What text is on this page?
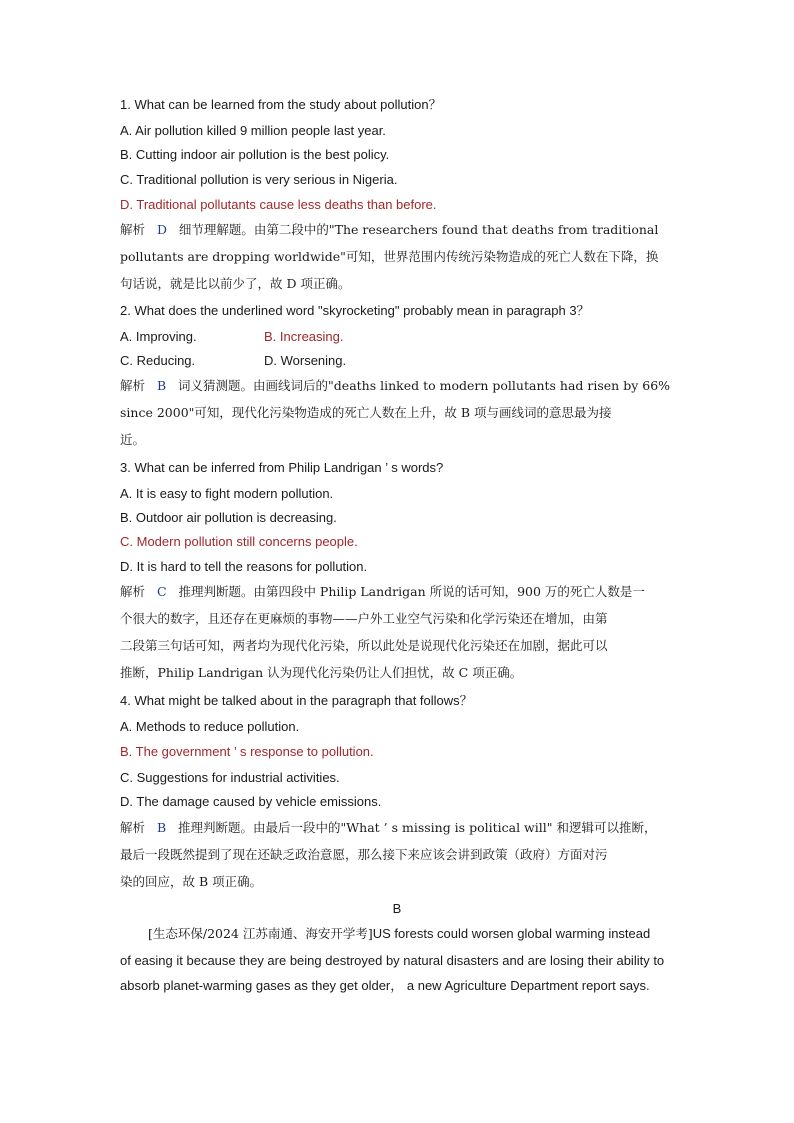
1. What can be learned from the study about pollution？
A. Air pollution killed 9 million people last year.
B. Cutting indoor air pollution is the best policy.
C. Traditional pollution is very serious in Nigeria.
D. Traditional pollutants cause less deaths than before.
解析 D 细节理解题。由第二段中的"The researchers found that deaths from traditional
pollutants are dropping worldwide"可知，世界范围内传统污染物造成的死亡人数在下降，换
句话说，就是比以前少了，故 D 项正确。
2. What does the underlined word "skyrocketing" probably mean in paragraph 3？
A. Improving.	B. Increasing.
C. Reducing.	D. Worsening.
解析 B 词义猜测题。由画线词后的"deaths linked to modern pollutants had risen by 66%
since 2000"可知，现代化污染物造成的死亡人数在上升，故 B 项与画线词的意思最为接
近。
3. What can be inferred from Philip Landrigan ’ s words?
A. It is easy to fight modern pollution.
B. Outdoor air pollution is decreasing.
C. Modern pollution still concerns people.
D. It is hard to tell the reasons for pollution.
解析 C 推理判断题。由第四段中 Philip Landrigan 所说的话可知，900 万的死亡人数是一
个很大的数字，且还存在更麻烦的事物——户外工业空气污染和化学污染还在增加，由第
二段第三句话可知，两者均为现代化污染，所以此处是说现代化污染还在加剧，据此可以
推断，Philip Landrigan 认为现代化污染仍让人们担忧，故 C 项正确。
4. What might be talked about in the paragraph that follows？
A. Methods to reduce pollution.
B. The government ’ s response to pollution.
C. Suggestions for industrial activities.
D. The damage caused by vehicle emissions.
解析 B 推理判断题。由最后一段中的"What ’ s missing is political will" 和逻辑可以推断，
最后一段既然提到了现在还缺乏政治意愿，那么接下来应该会讲到政策（政府）方面对污
染的回应，故 B 项正确。
B
[生态环保/2024 江苏南通、海安开学考]US forests could worsen global warming instead
of easing it because they are being destroyed by natural disasters and are losing their ability to
absorb planet-warming gases as they get older， a new Agriculture Department report says.
